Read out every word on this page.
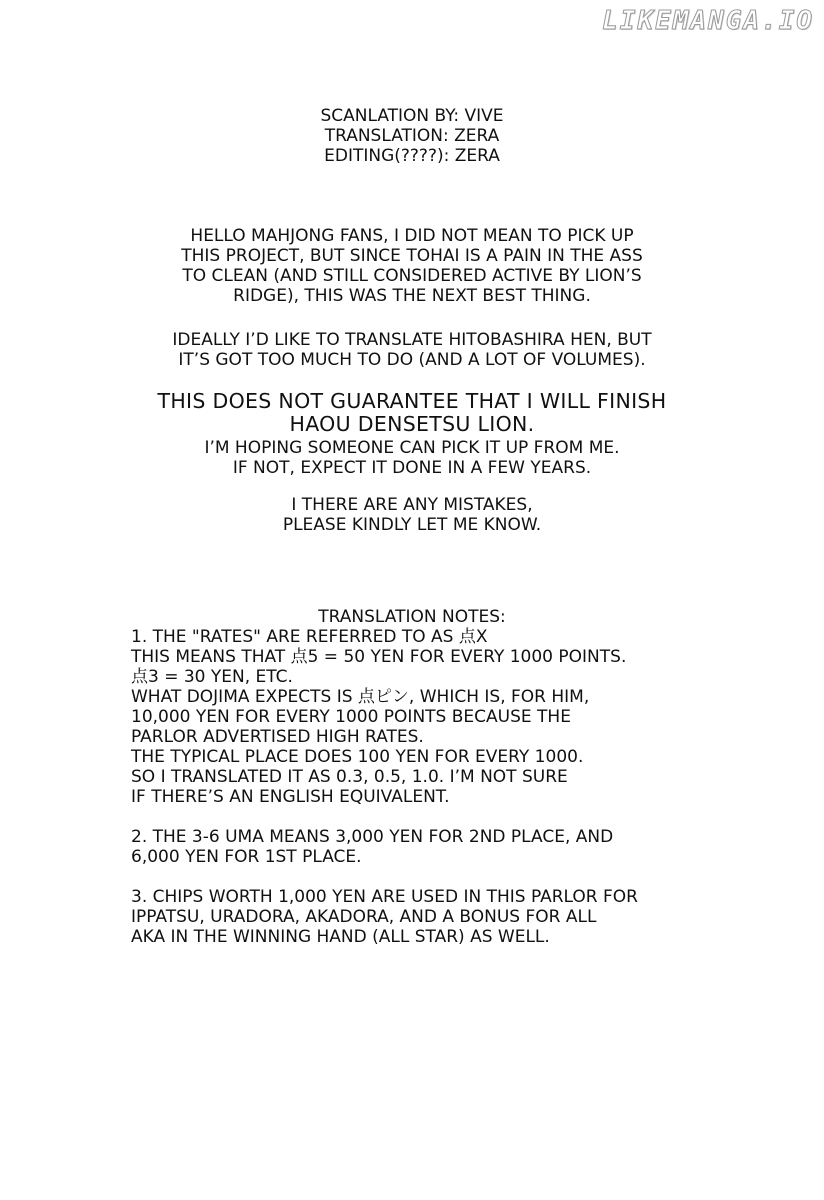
LIKEMANGA.IO
SCANLATION BY: VIVE
TRANSLATION: ZERA
EDITING(????): ZERA
HELLO MAHJONG FANS, I DID NOT MEAN TO PICK UP
THIS PROJECT, BUT SINCE TOHAI IS A PAIN IN THE ASS
TO CLEAN (AND STILL CONSIDERED ACTIVE BY LION’S
RIDGE), THIS WAS THE NEXT BEST THING.
IDEALLY I’D LIKE TO TRANSLATE HITOBASHIRA HEN, BUT
IT’S GOT TOO MUCH TO DO (AND A LOT OF VOLUMES).
THIS DOES NOT GUARANTEE THAT I WILL FINISH
HAOU DENSETSU LION.
I’M HOPING SOMEONE CAN PICK IT UP FROM ME.
IF NOT, EXPECT IT DONE IN A FEW YEARS.
I THERE ARE ANY MISTAKES,
PLEASE KINDLY LET ME KNOW.
TRANSLATION NOTES:
1. THE "RATES" ARE REFERRED TO AS 点X
THIS MEANS THAT 点5 = 50 YEN FOR EVERY 1000 POINTS.
点3 = 30 YEN, ETC.
WHAT DOJIMA EXPECTS IS 点ピン, WHICH IS, FOR HIM,
10,000 YEN FOR EVERY 1000 POINTS BECAUSE THE
PARLOR ADVERTISED HIGH RATES.
THE TYPICAL PLACE DOES 100 YEN FOR EVERY 1000.
SO I TRANSLATED IT AS 0.3, 0.5, 1.0. I’M NOT SURE
IF THERE’S AN ENGLISH EQUIVALENT.
2. THE 3-6 UMA MEANS 3,000 YEN FOR 2ND PLACE, AND
6,000 YEN FOR 1ST PLACE.
3. CHIPS WORTH 1,000 YEN ARE USED IN THIS PARLOR FOR
IPPATSU, URADORA, AKADORA, AND A BONUS FOR ALL
AKA IN THE WINNING HAND (ALL STAR) AS WELL.
